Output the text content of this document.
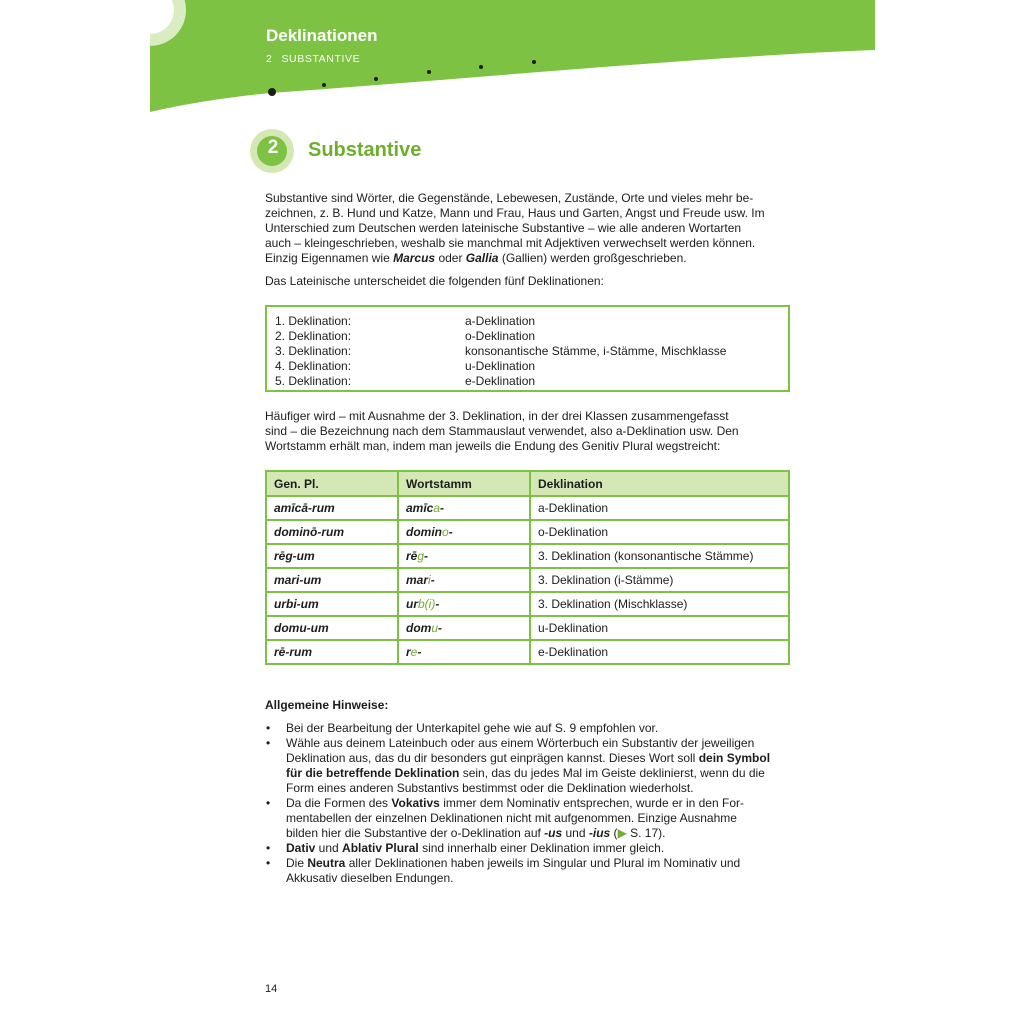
Deklinationen
2 SUBSTANTIVE
2	Substantive

Substantive sind Wörter, die Gegenstände, Lebewesen, Zustände, Orte und vieles mehr be-

zeichnen, z. B. Hund und Katze, Mann und Frau, Haus und Garten, Angst und Freude usw. Im

Unterschied zum Deutschen werden lateinische Substantive – wie alle anderen Wortarten

auch – kleingeschrieben, weshalb sie manchmal mit Adjektiven verwechselt werden können.

Einzig Eigennamen wie Marcus oder Gallia (Gallien) werden großgeschrieben.

Das Lateinische unterscheidet die folgenden fünf Deklinationen:
1. Deklination:	a-Deklination
2. Deklination:	o-Deklination
3. Deklination:	konsonantische Stämme, i-Stämme, Mischklasse
4. Deklination:	u-Deklination
5. Deklination:	e-Deklination

Häufiger wird – mit Ausnahme der 3. Deklination, in der drei Klassen zusammengefasst

sind – die Bezeichnung nach dem Stammauslaut verwendet, also a-Deklination usw. Den

Wortstamm erhält man, indem man jeweils die Endung des Genitiv Plural wegstreicht:

Gen. Pl.	Wortstamm	Deklination
amīcā-rum	amīca-	a-Deklination
dominō-rum	domino-	o-Deklination
rēg-um	rēg-	3. Deklination (konsonantische Stämme)
mari-um	mari-	3. Deklination (i-Stämme)
urbi-um	urb(i)-	3. Deklination (Mischklasse)
domu-um	domu-	u-Deklination
rē-rum	re-	e-Deklination
Allgemeine Hinweise:
• Bei der Bearbeitung der Unterkapitel gehe wie auf S. 9 empfohlen vor.
• Wähle aus deinem Lateinbuch oder aus einem Wörterbuch ein Substantiv der jeweiligen
Deklination aus, das du dir besonders gut einprägen kannst. Dieses Wort soll dein Symbol
für die betreffende Deklination sein, das du jedes Mal im Geiste deklinierst, wenn du die
Form eines anderen Substantivs bestimmst oder die Deklination wiederholst.
• Da die Formen des Vokativs immer dem Nominativ entsprechen, wurde er in den For-
mentabellen der einzelnen Deklinationen nicht mit aufgenommen. Einzige Ausnahme
bilden hier die Substantive der o-Deklination auf -us und -ius (▶ S. 17).
• Dativ und Ablativ Plural sind innerhalb einer Deklination immer gleich.
• Die Neutra aller Deklinationen haben jeweils im Singular und Plural im Nominativ und
Akkusativ dieselben Endungen.
14
